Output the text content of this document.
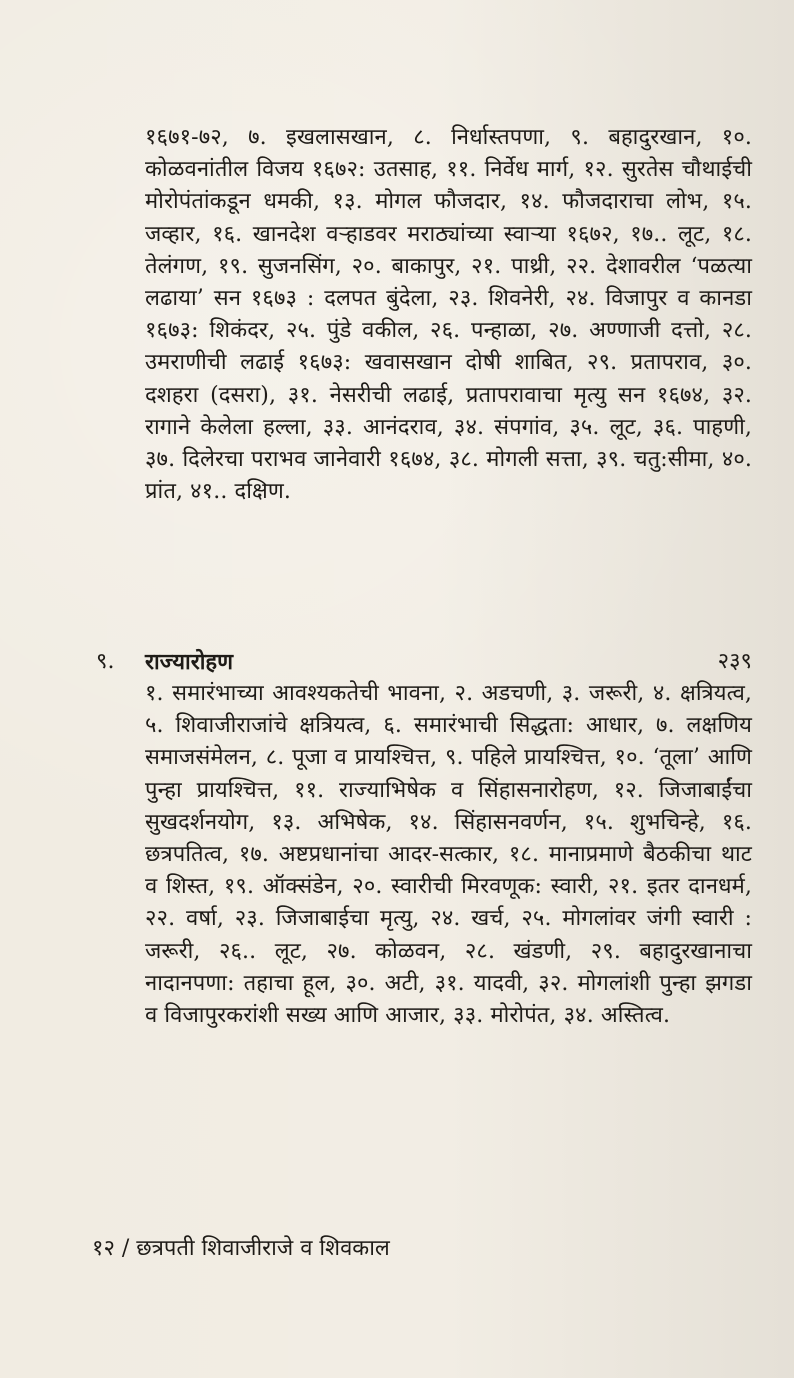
१६७१-७२, ७. इखलासखान, ८. निर्धास्तपणा, ९. बहादुरखान, १०. कोळवनांतील विजय १६७२: उतसाह, ११. निर्वेध मार्ग, १२. सुरतेस चौथाईची मोरोपंतांकडून धमकी, १३. मोगल फौजदार, १४. फौजदाराचा लोभ, १५. जव्हार, १६. खानदेश वऱ्हाडवर मराठ्यांच्या स्वाऱ्या १६७२, १७.. लूट, १८. तेलंगण, १९. सुजनसिंग, २०. बाकापुर, २१. पाथ्री, २२. देशावरील ‘पळत्या लढाया’ सन १६७३ : दलपत बुंदेला, २३. शिवनेरी, २४. विजापुर व कानडा १६७३: शिकंदर, २५. पुंडे वकील, २६. पन्हाळा, २७. अण्णाजी दत्तो, २८. उमराणीची लढाई १६७३: खवासखान दोषी शाबित, २९. प्रतापराव, ३०. दशहरा (दसरा), ३१. नेसरीची लढाई, प्रतापरावाचा मृत्यु सन १६७४, ३२. रागाने केलेला हल्ला, ३३. आनंदराव, ३४. संपगांव, ३५. लूट, ३६. पाहणी, ३७. दिलेरचा पराभव जानेवारी १६७४, ३८. मोगली सत्ता, ३९. चतु:सीमा, ४०. प्रांत, ४१.. दक्षिण.
९. राज्यारोहण	२३९
१. समारंभाच्या आवश्यकतेची भावना, २. अडचणी, ३. जरूरी, ४. क्षत्रियत्व, ५. शिवाजीराजांचे क्षत्रियत्व, ६. समारंभाची सिद्धता: आधार, ७. लक्षणिय समाजसंमेलन, ८. पूजा व प्रायश्चित्त, ९. पहिले प्रायश्चित्त, १०. ‘तूला’ आणि पुन्हा प्रायश्चित्त, ११. राज्याभिषेक व सिंहासनारोहण, १२. जिजाबाईंचा सुखदर्शनयोग, १३. अभिषेक, १४. सिंहासनवर्णन, १५. शुभचिन्हे, १६. छत्रपतित्व, १७. अष्टप्रधानांचा आदर-सत्कार, १८. मानाप्रमाणे बैठकीचा थाट व शिस्त, १९. ऑक्संडेन, २०. स्वारीची मिरवणूक: स्वारी, २१. इतर दानधर्म, २२. वर्षा, २३. जिजाबाईचा मृत्यु, २४. खर्च, २५. मोगलांवर जंगी स्वारी : जरूरी, २६.. लूट, २७. कोळवन, २८. खंडणी, २९. बहादुरखानाचा नादानपणा: तहाचा हूल, ३०. अटी, ३१. यादवी, ३२. मोगलांशी पुन्हा झगडा व विजापुरकरांशी सख्य आणि आजार, ३३. मोरोपंत, ३४. अस्तित्व.
१२ / छत्रपती शिवाजीराजे व शिवकाल
